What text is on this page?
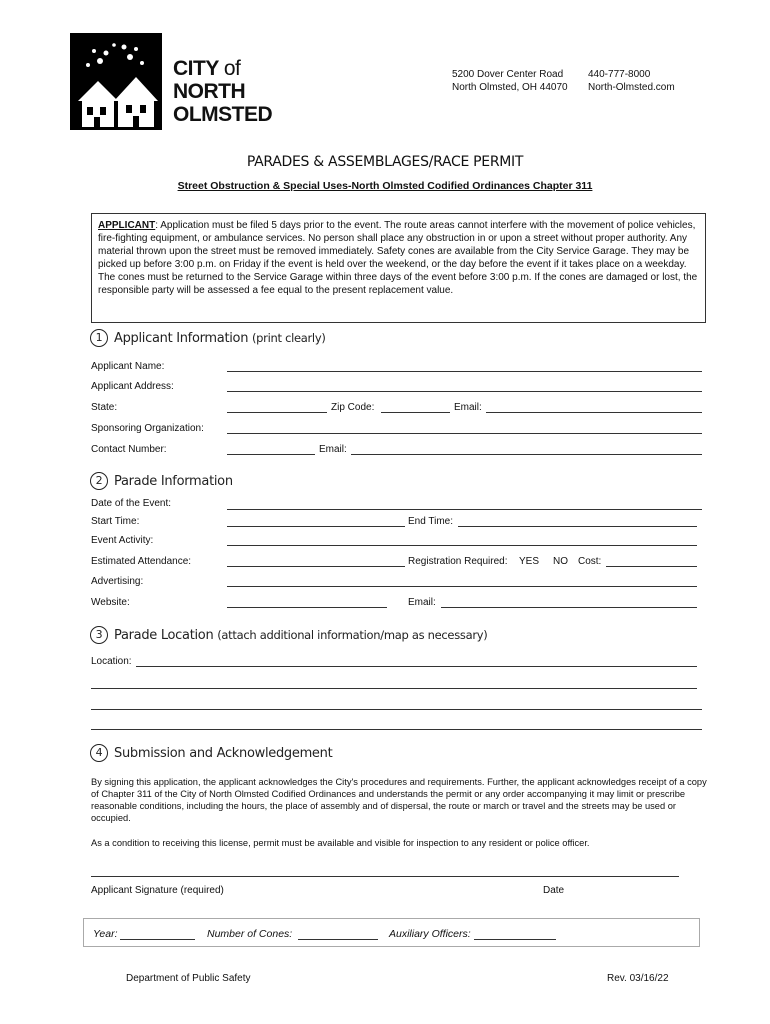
CITY of
NORTH
OLMSTED
5200 Dover Center Road
North Olmsted, OH 44070
440-777-8000
North-Olmsted.com
PARADES & ASSEMBLAGES/RACE PERMIT
Street Obstruction & Special Uses-North Olmsted Codified Ordinances Chapter 311
APPLICANT: Application must be filed 5 days prior to the event. The route areas cannot interfere with the movement of police vehicles, fire-fighting equipment, or ambulance services. No person shall place any obstruction in or upon a street without proper authority. Any material thrown upon the street must be removed immediately. Safety cones are available from the City Service Garage. They may be picked up before 3:00 p.m. on Friday if the event is held over the weekend, or the day before the event if it takes place on a weekday. The cones must be returned to the Service Garage within three days of the event before 3:00 p.m. If the cones are damaged or lost, the responsible party will be assessed a fee equal to the present replacement value.
1 Applicant Information (print clearly)
Applicant Name:
Applicant Address:
State:	Zip Code:	Email:
Sponsoring Organization:
Contact Number:	Email:
2 Parade Information
Date of the Event:
Start Time:	End Time:
Event Activity:
Estimated Attendance:	Registration Required: YES NO Cost:
Advertising:
Website:	Email:
3 Parade Location (attach additional information/map as necessary)
Location:
4 Submission and Acknowledgement
By signing this application, the applicant acknowledges the City's procedures and requirements. Further, the applicant acknowledges receipt of a copy of Chapter 311 of the City of North Olmsted Codified Ordinances and understands the permit or any order accompanying it may limit or prescribe reasonable conditions, including the hours, the place of assembly and of dispersal, the route or march or travel and the streets may be used or occupied.
As a condition to receiving this license, permit must be available and visible for inspection to any resident or police officer.
Applicant Signature (required)	Date
Year:	Number of Cones:	Auxiliary Officers:
Department of Public Safety	Rev. 03/16/22
